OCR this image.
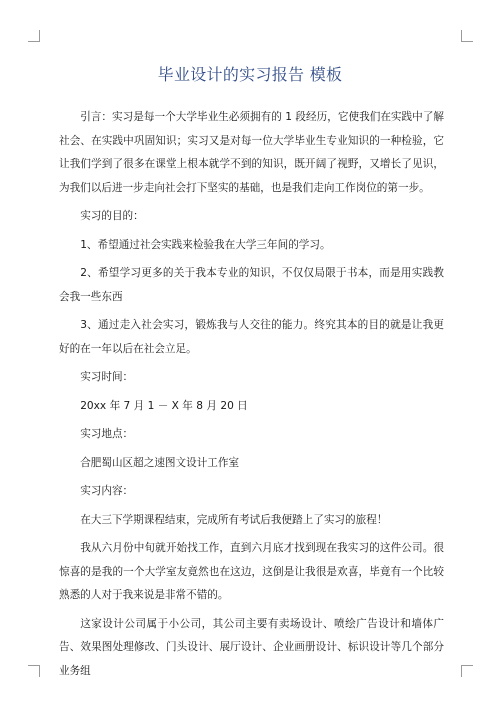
毕业设计的实习报告 模板

引言：实习是每一个大学毕业生必须拥有的 1 段经历，它使我们在实践中了解社会、在实践中巩固知识；实习又是对每一位大学毕业生专业知识的一种检验，它让我们学到了很多在课堂上根本就学不到的知识，既开阔了视野，又增长了见识，为我们以后进一步走向社会打下坚实的基础，也是我们走向工作岗位的第一步。

实习的目的：

1、希望通过社会实践来检验我在大学三年间的学习。

2、希望学习更多的关于我本专业的知识，不仅仅局限于书本，而是用实践教会我一些东西

3、通过走入社会实习，锻炼我与人交往的能力。终究其本的目的就是让我更好的在一年以后在社会立足。

实习时间：

20xx 年 7 月 1 － X 年 8 月 20 日

实习地点：

合肥蜀山区超之速图文设计工作室

实习内容：

在大三下学期课程结束，完成所有考试后我便踏上了实习的旅程！

我从六月份中旬就开始找工作，直到六月底才找到现在我实习的这件公司。很惊喜的是我的一个大学室友竟然也在这边，这倒是让我很是欢喜，毕竟有一个比较熟悉的人对于我来说是非常不错的。

这家设计公司属于小公司，其公司主要有卖场设计、喷绘广告设计和墙体广告、效果图处理修改、门头设计、展厅设计、企业画册设计、标识设计等几个部分业务组
